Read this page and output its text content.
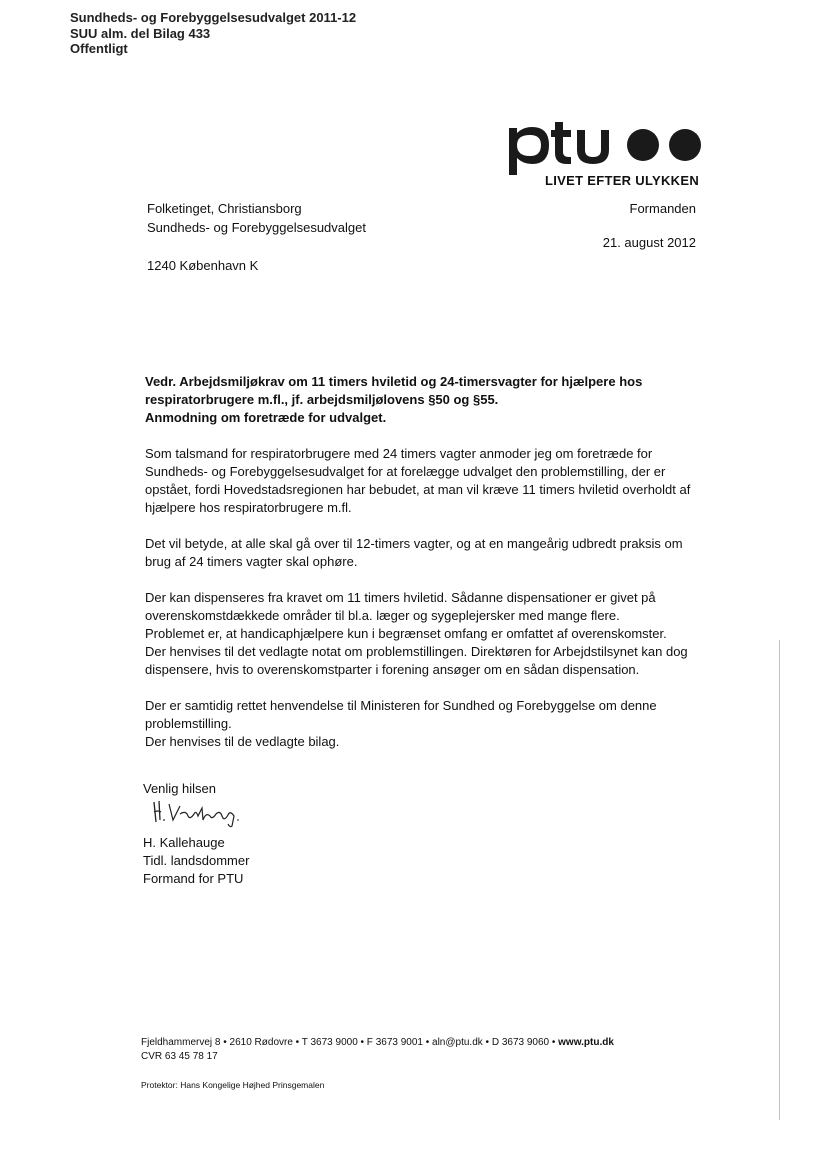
Sundheds- og Forebyggelsesudvalget 2011-12
SUU alm. del Bilag 433
Offentligt
ptu
LIVET EFTER ULYKKEN
Folketinget, Christiansborg
Sundheds- og Forebyggelsesudvalget
1240 København K
Formanden
21. august 2012

Vedr. Arbejdsmiljøkrav om 11 timers hviletid og 24-timersvagter for hjælpere hos respiratorbrugere m.fl., jf. arbejdsmiljølovens §50 og §55.
Anmodning om foretræde for udvalget.

Som talsmand for respiratorbrugere med 24 timers vagter anmoder jeg om foretræde for Sundheds- og Forebyggelsesudvalget for at forelægge udvalget den problemstilling, der er opstået, fordi Hovedstadsregionen har bebudet, at man vil kræve 11 timers hviletid overholdt af hjælpere hos respiratorbrugere m.fl.

Det vil betyde, at alle skal gå over til 12-timers vagter, og at en mangeårig udbredt praksis om brug af 24 timers vagter skal ophøre.

Der kan dispenseres fra kravet om 11 timers hviletid. Sådanne dispensationer er givet på overenskomstdækkede områder til bl.a. læger og sygeplejersker med mange flere.
Problemet er, at handicaphjælpere kun i begrænset omfang er omfattet af overenskomster.
Der henvises til det vedlagte notat om problemstillingen. Direktøren for Arbejdstilsynet kan dog dispensere, hvis to overenskomstparter i forening ansøger om en sådan dispensation.

Der er samtidig rettet henvendelse til Ministeren for Sundhed og Forebyggelse om denne problemstilling.
Der henvises til de vedlagte bilag.

Venlig hilsen
H. Kallehauge
Tidl. landsdommer
Formand for PTU
H. Kallehauge
Fjeldhammervej 8 • 2610 Rødovre • T 3673 9000 • F 3673 9001 • aln@ptu.dk • D 3673 9060 • www.ptu.dk
CVR 63 45 78 17
Protektor: Hans Kongelige Højhed Prinsgemalen
